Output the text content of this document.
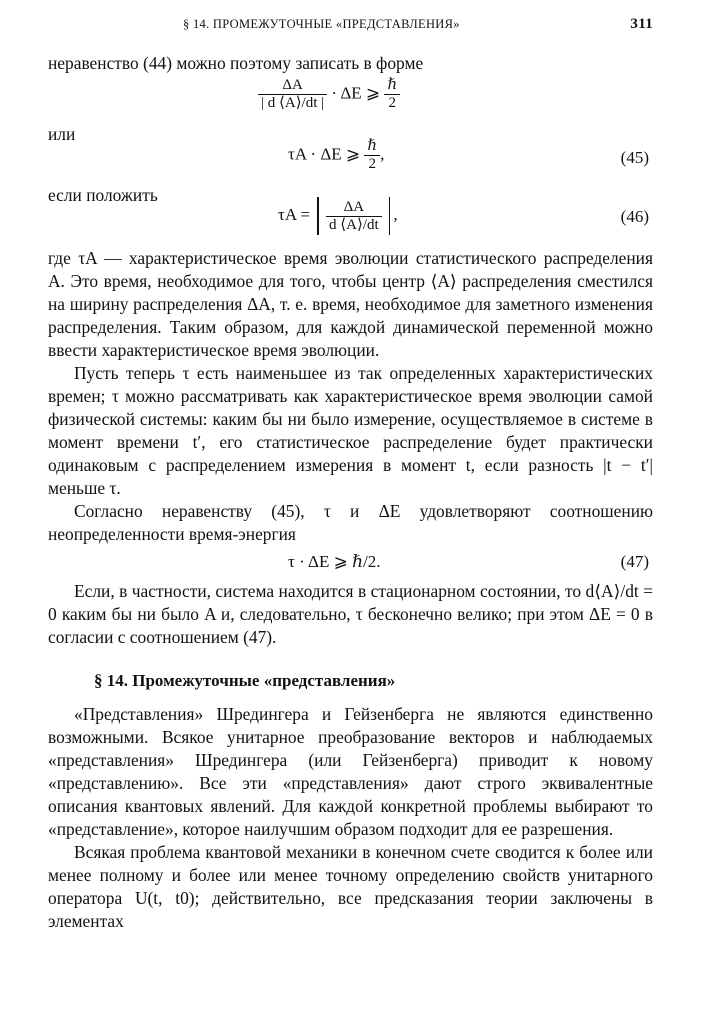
§ 14. ПРОМЕЖУТОЧНЫЕ «ПРЕДСТАВЛЕНИЯ»	311

неравенство (44) можно поэтому записать в форме

$\frac{\Delta A}{| d ⟨A⟩/dt |} \cdot \Delta E$ ⩾ $\frac{\text{ℏ}}{2}$

или

τA · ΔE ⩾ $\frac{\text{ℏ}}{2}$ ,	(45)

если положить

$\tau A = \frac{\Delta A}{d ⟨A⟩/dt}$ ,	(46)

где τA — характеристическое время эволюции статистического распределения A. Это время, необходимое для того, чтобы центр ⟨A⟩ распределения сместился на ширину распределения ΔA, т. е. время, необходимое для заметного изменения распределения. Таким образом, для каждой динамической переменной можно ввести характеристическое время эволюции.

Пусть теперь τ есть наименьшее из так определенных характеристических времен; τ можно рассматривать как характеристическое время эволюции самой физической системы: каким бы ни было измерение, осуществляемое в системе в момент времени t′, его статистическое распределение будет практически одинаковым с распределением измерения в момент t, если разность |t − t′| меньше τ.

Согласно неравенству (45), τ и ΔE удовлетворяют соотношению неопределенности время-энергия

τ · ΔE ⩾ ℏ/2.	(47)

Если, в частности, система находится в стационарном состоянии, то d⟨A⟩/dt = 0 каким бы ни было A и, следовательно, τ бесконечно велико; при этом ΔE = 0 в согласии с соотношением (47).

§ 14. Промежуточные «представления»

«Представления» Шредингера и Гейзенберга не являются единственно возможными. Всякое унитарное преобразование векторов и наблюдаемых «представления» Шредингера (или Гейзенберга) приводит к новому «представлению». Все эти «представления» дают строго эквивалентные описания квантовых явлений. Для каждой конкретной проблемы выбирают то «представление», которое наилучшим образом подходит для ее разрешения.

Всякая проблема квантовой механики в конечном счете сводится к более или менее полному и более или менее точному определению свойств унитарного оператора U(t, t0); действительно, все предсказания теории заключены в элементах
